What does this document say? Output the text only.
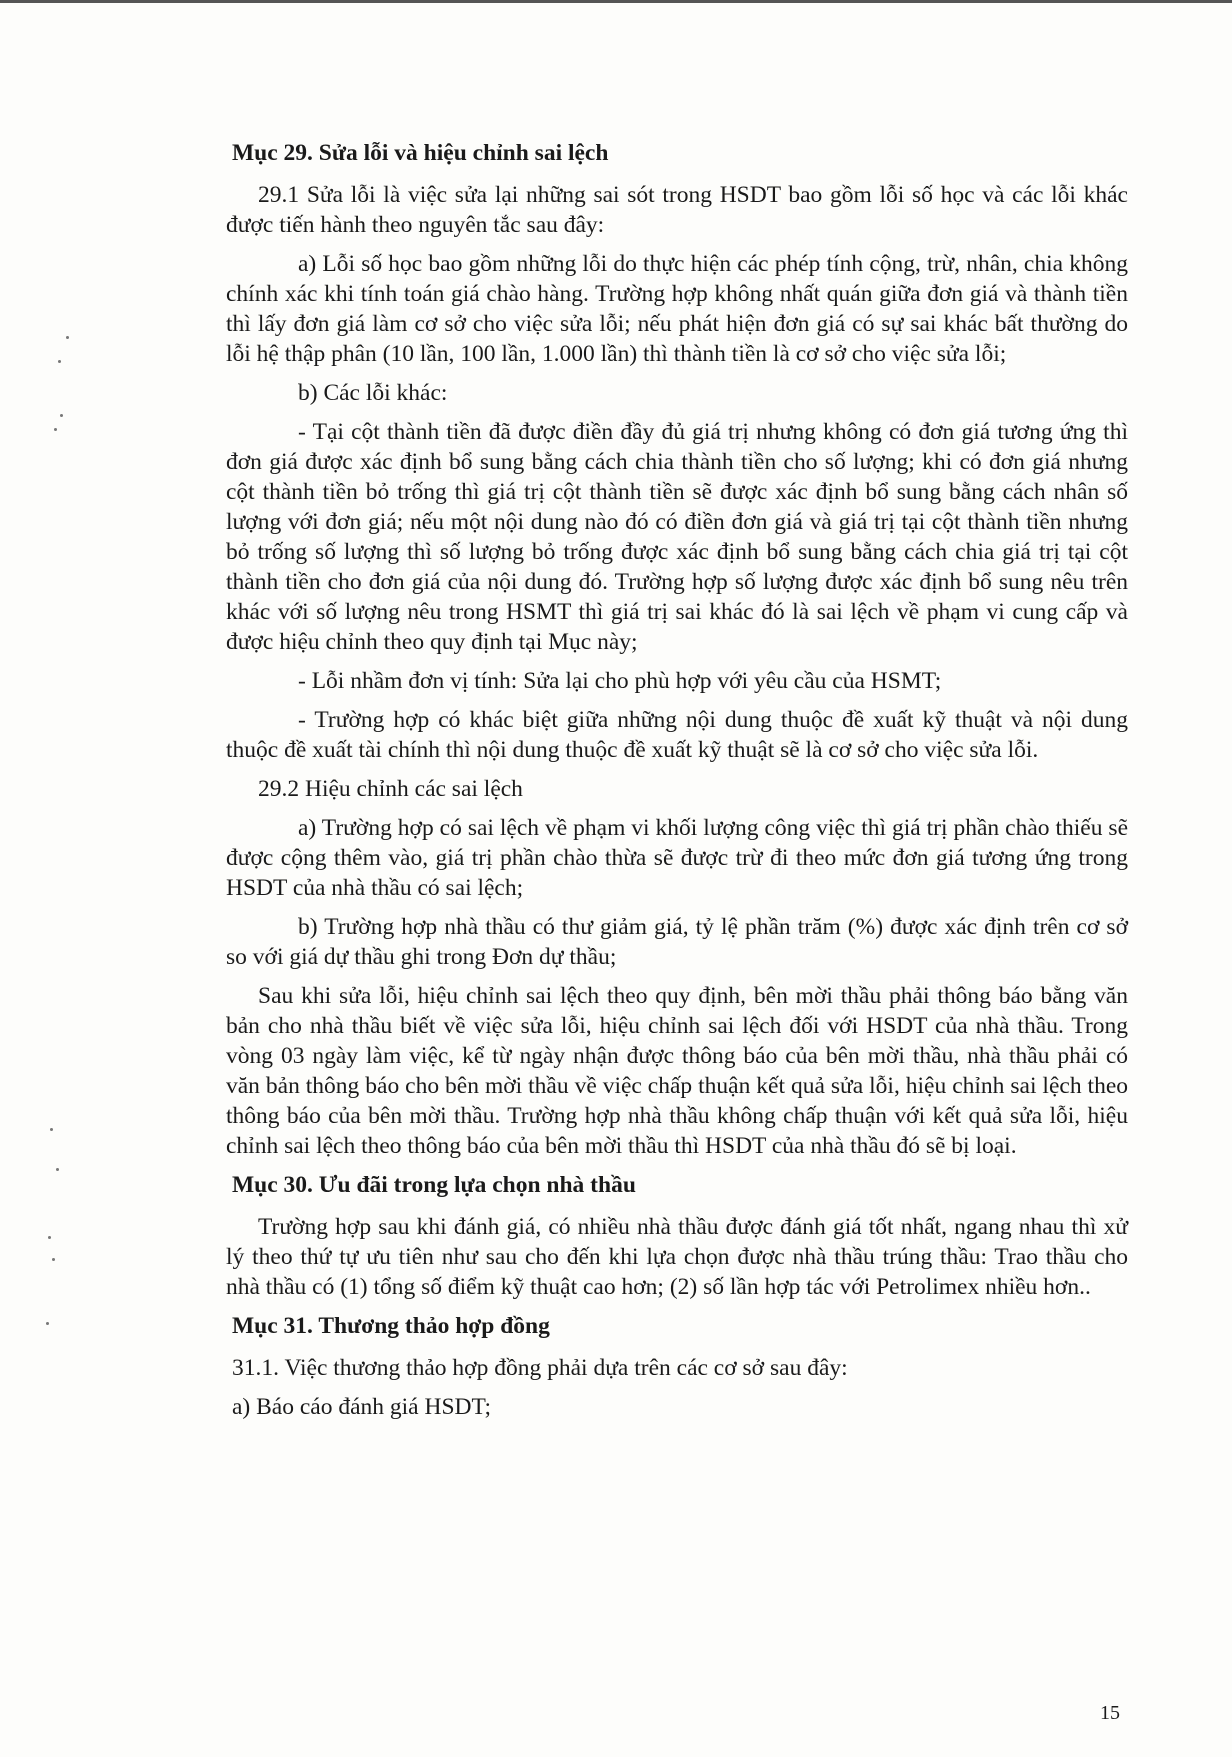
Mục 29. Sửa lỗi và hiệu chỉnh sai lệch

29.1 Sửa lỗi là việc sửa lại những sai sót trong HSDT bao gồm lỗi số học và các lỗi khác được tiến hành theo nguyên tắc sau đây:

a) Lỗi số học bao gồm những lỗi do thực hiện các phép tính cộng, trừ, nhân, chia không chính xác khi tính toán giá chào hàng. Trường hợp không nhất quán giữa đơn giá và thành tiền thì lấy đơn giá làm cơ sở cho việc sửa lỗi; nếu phát hiện đơn giá có sự sai khác bất thường do lỗi hệ thập phân (10 lần, 100 lần, 1.000 lần) thì thành tiền là cơ sở cho việc sửa lỗi;

b) Các lỗi khác:

- Tại cột thành tiền đã được điền đầy đủ giá trị nhưng không có đơn giá tương ứng thì đơn giá được xác định bổ sung bằng cách chia thành tiền cho số lượng; khi có đơn giá nhưng cột thành tiền bỏ trống thì giá trị cột thành tiền sẽ được xác định bổ sung bằng cách nhân số lượng với đơn giá; nếu một nội dung nào đó có điền đơn giá và giá trị tại cột thành tiền nhưng bỏ trống số lượng thì số lượng bỏ trống được xác định bổ sung bằng cách chia giá trị tại cột thành tiền cho đơn giá của nội dung đó. Trường hợp số lượng được xác định bổ sung nêu trên khác với số lượng nêu trong HSMT thì giá trị sai khác đó là sai lệch về phạm vi cung cấp và được hiệu chỉnh theo quy định tại Mục này;

- Lỗi nhầm đơn vị tính: Sửa lại cho phù hợp với yêu cầu của HSMT;

- Trường hợp có khác biệt giữa những nội dung thuộc đề xuất kỹ thuật và nội dung thuộc đề xuất tài chính thì nội dung thuộc đề xuất kỹ thuật sẽ là cơ sở cho việc sửa lỗi.

29.2 Hiệu chỉnh các sai lệch

a) Trường hợp có sai lệch về phạm vi khối lượng công việc thì giá trị phần chào thiếu sẽ được cộng thêm vào, giá trị phần chào thừa sẽ được trừ đi theo mức đơn giá tương ứng trong HSDT của nhà thầu có sai lệch;

b) Trường hợp nhà thầu có thư giảm giá, tỷ lệ phần trăm (%) được xác định trên cơ sở so với giá dự thầu ghi trong Đơn dự thầu;

Sau khi sửa lỗi, hiệu chỉnh sai lệch theo quy định, bên mời thầu phải thông báo bằng văn bản cho nhà thầu biết về việc sửa lỗi, hiệu chỉnh sai lệch đối với HSDT của nhà thầu. Trong vòng 03 ngày làm việc, kể từ ngày nhận được thông báo của bên mời thầu, nhà thầu phải có văn bản thông báo cho bên mời thầu về việc chấp thuận kết quả sửa lỗi, hiệu chỉnh sai lệch theo thông báo của bên mời thầu. Trường hợp nhà thầu không chấp thuận với kết quả sửa lỗi, hiệu chỉnh sai lệch theo thông báo của bên mời thầu thì HSDT của nhà thầu đó sẽ bị loại.

Mục 30. Ưu đãi trong lựa chọn nhà thầu

Trường hợp sau khi đánh giá, có nhiều nhà thầu được đánh giá tốt nhất, ngang nhau thì xử lý theo thứ tự ưu tiên như sau cho đến khi lựa chọn được nhà thầu trúng thầu: Trao thầu cho nhà thầu có (1) tổng số điểm kỹ thuật cao hơn; (2) số lần hợp tác với Petrolimex nhiều hơn..

Mục 31. Thương thảo hợp đồng

31.1. Việc thương thảo hợp đồng phải dựa trên các cơ sở sau đây:

a) Báo cáo đánh giá HSDT;

15
